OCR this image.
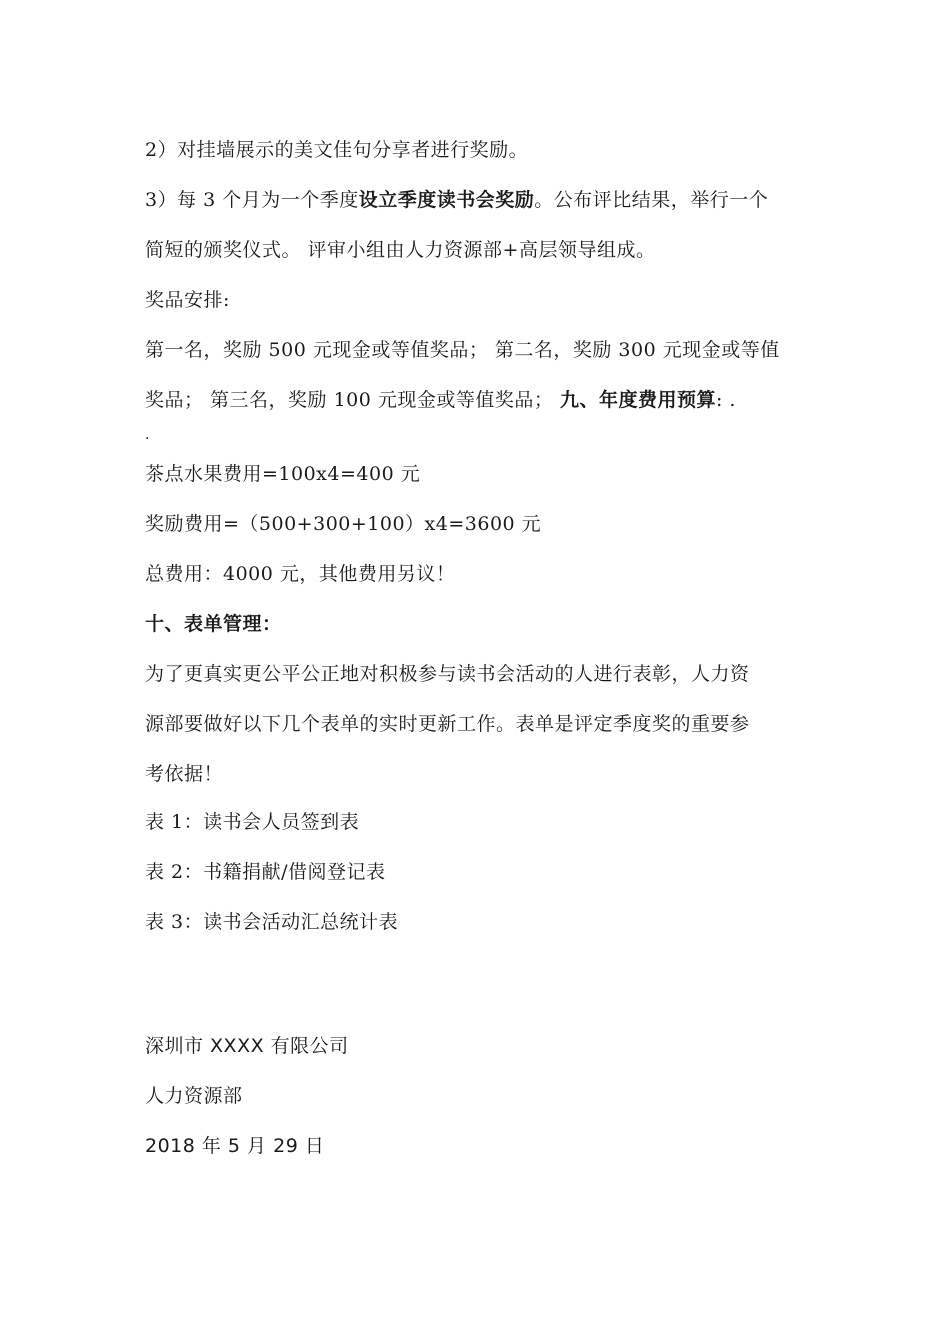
2）对挂墙展示的美文佳句分享者进行奖励。
3）每 3 个月为一个季度设立季度读书会奖励。公布评比结果，举行一个
简短的颁奖仪式。 评审小组由人力资源部+高层领导组成。
奖品安排:
第一名，奖励 500 元现金或等值奖品； 第二名，奖励 300 元现金或等值
奖品； 第三名，奖励 100 元现金或等值奖品； 九、年度费用预算: .
.
茶点水果费用=100x4=400 元
奖励费用=（500+300+100）x4=3600 元
总费用：4000 元，其他费用另议！
十、表单管理：
为了更真实更公平公正地对积极参与读书会活动的人进行表彰，人力资
源部要做好以下几个表单的实时更新工作。表单是评定季度奖的重要参
考依据！
表 1：读书会人员签到表
表 2：书籍捐献/借阅登记表
表 3：读书会活动汇总统计表
深圳市 XXXX 有限公司
人力资源部
2018 年 5 月 29 日
